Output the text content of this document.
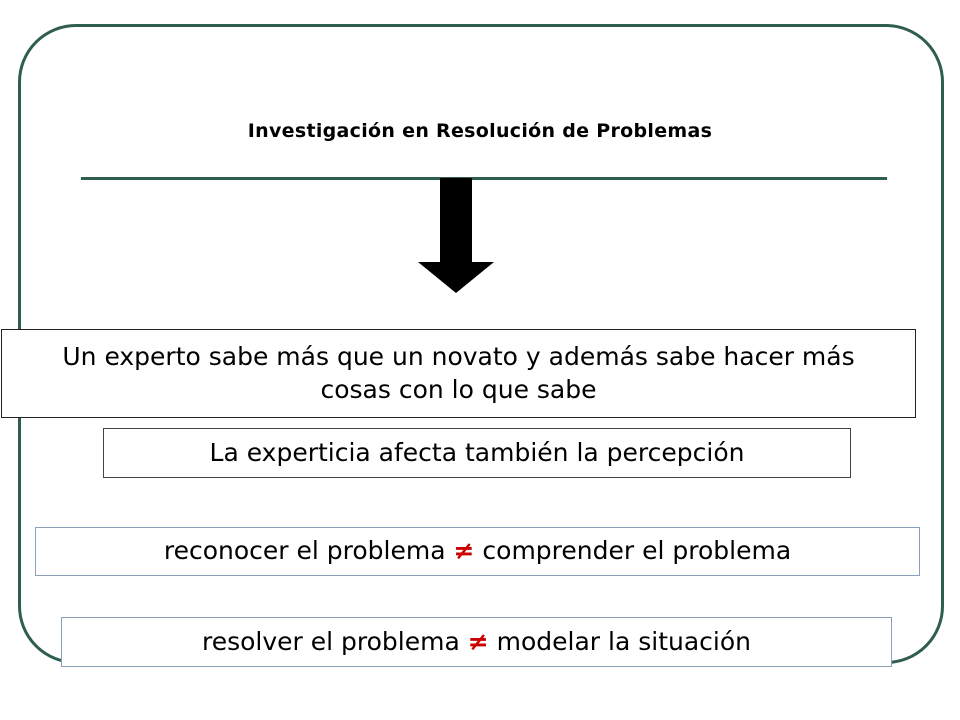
Investigación en Resolución de Problemas
Un experto sabe más que un novato y además sabe hacer más cosas con lo que sabe
La experticia afecta también la percepción
reconocer el problema
≠
comprender el problema
resolver el problema
≠
modelar la situación
